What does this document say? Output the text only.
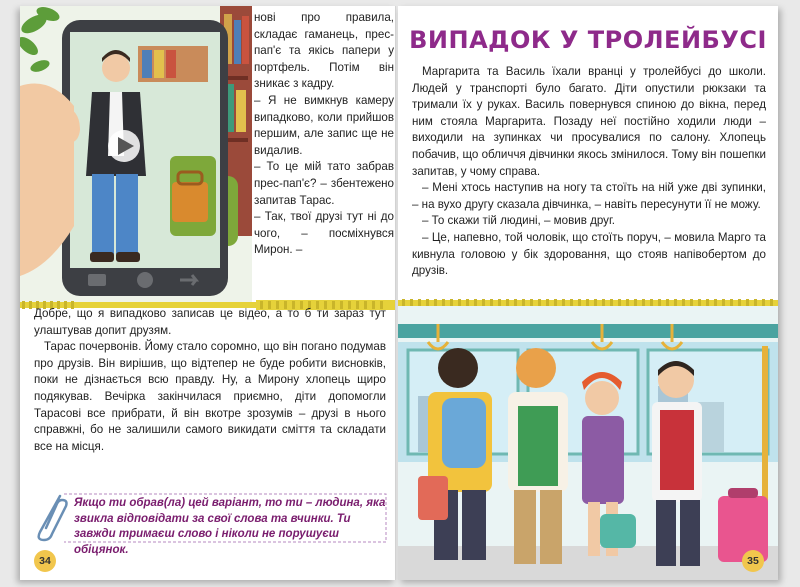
нові про правила, складає гаманець, прес-пап'є та якісь папери у портфель. Потім він зникає з кадру.

– Я не вимкнув камеру випадково, коли прийшов першим, але запис ще не видалив.

– То це мій тато забрав прес-пап'є? – збентежено запитав Тарас.

– Так, твої друзі тут ні до чого, – посміхнувся Мирон. –

Добре, що я випадково записав це відео, а то б ти зараз тут улаштував допит друзям.

Тарас почервонів. Йому стало соромно, що він погано подумав про друзів. Він вирішив, що відтепер не буде робити висновків, поки не дізнається всю правду. Ну, а Мирону хлопець щиро подякував. Вечірка закінчилася приємно, діти допомогли Тарасові все прибрати, й він вкотре зрозумів – друзі в нього справжні, бо не залишили самого викидати сміття та складати все на місця.

Якщо ти обрав(ла) цей варіант, то ти – людина, яка звикла відповідати за свої слова та вчинки. Ти завжди тримаєш слово і ніколи не порушуєш обіцянок.
34
ВИПАДОК У ТРОЛЕЙБУСІ

Маргарита та Василь їхали вранці у тролейбусі до школи. Людей у транспорті було багато. Діти опустили рюкзаки та тримали їх у руках. Василь повернувся спиною до вікна, перед ним стояла Маргарита. Позаду неї постійно ходили люди – виходили на зупинках чи просувалися по салону. Хлопець побачив, що обличчя дівчинки якось змінилося. Тому він пошепки запитав, у чому справа.

– Мені хтось наступив на ногу та стоїть на ній уже дві зупинки, – на вухо другу сказала дівчинка, – навіть пересунути її не можу.

– То скажи тій людині, – мовив друг.

– Це, напевно, той чоловік, що стоїть поруч, – мовила Марго та кивнула головою у бік здоровання, що стояв напівобертом до друзів.

35
